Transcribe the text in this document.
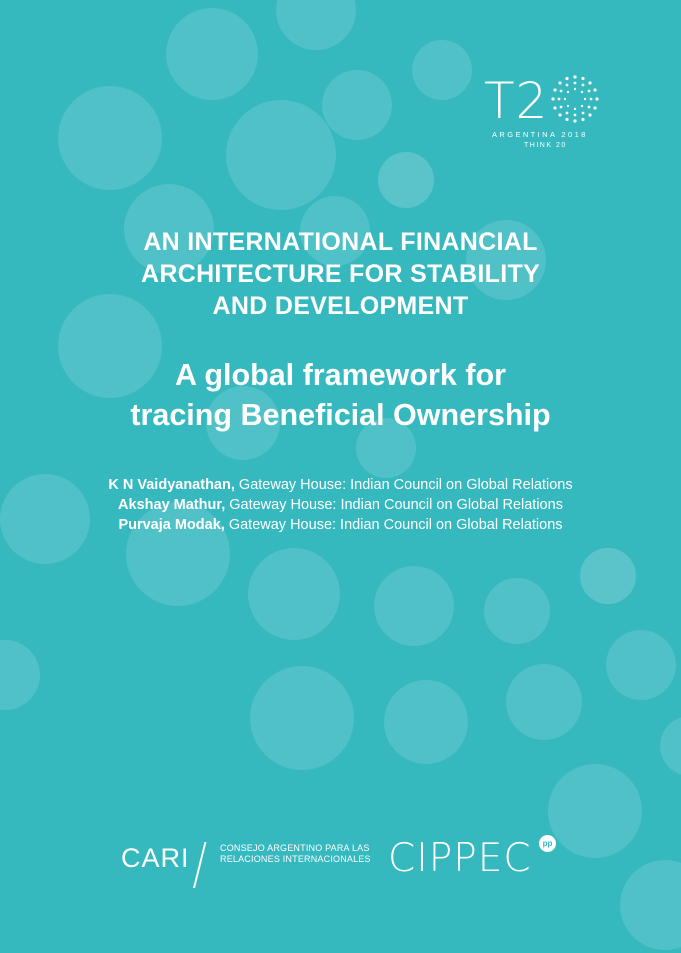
T2
ARGENTINA 2018
THINK 20
AN INTERNATIONAL FINANCIAL
ARCHITECTURE FOR STABILITY
AND DEVELOPMENT
A global framework for
tracing Beneficial Ownership
K N Vaidyanathan, Gateway House: Indian Council on Global Relations
Akshay Mathur, Gateway House: Indian Council on Global Relations
Purvaja Modak, Gateway House: Indian Council on Global Relations
CARI	CONSEJO ARGENTINO PARA LAS
RELACIONES INTERNACIONALES CIPPEC	pp
